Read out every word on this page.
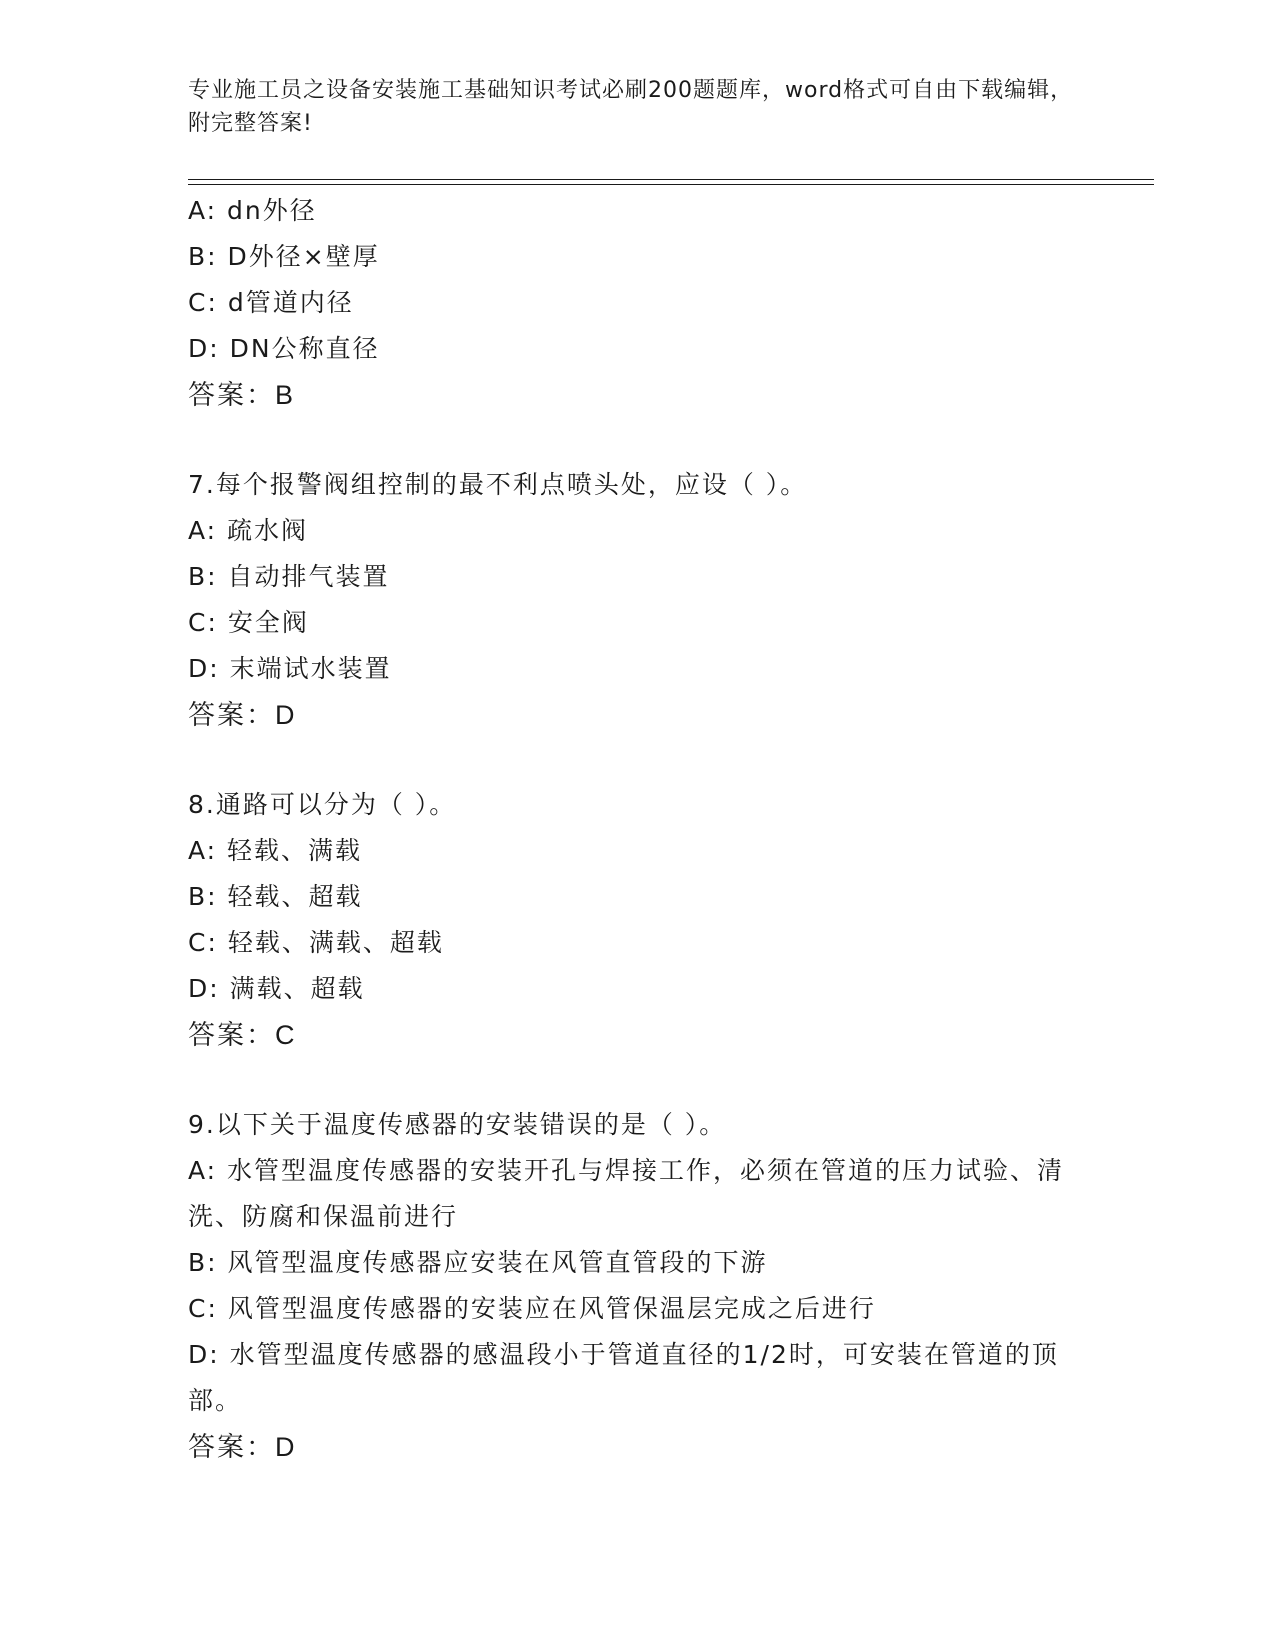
专业施工员之设备安装施工基础知识考试必刷200题题库，word格式可自由下载编辑，附完整答案!
A: dn外径
B: D外径×壁厚
C: d管道内径
D: DN公称直径
答案：B
7.每个报警阀组控制的最不利点喷头处，应设（ ）。
A: 疏水阀
B: 自动排气装置
C: 安全阀
D: 末端试水装置
答案：D
8.通路可以分为（ ）。
A: 轻载、满载
B: 轻载、超载
C: 轻载、满载、超载
D: 满载、超载
答案：C
9.以下关于温度传感器的安装错误的是（ ）。
A: 水管型温度传感器的安装开孔与焊接工作，必须在管道的压力试验、清洗、防腐和保温前进行
B: 风管型温度传感器应安装在风管直管段的下游
C: 风管型温度传感器的安装应在风管保温层完成之后进行
D: 水管型温度传感器的感温段小于管道直径的1/2时，可安装在管道的顶部。
答案：D
